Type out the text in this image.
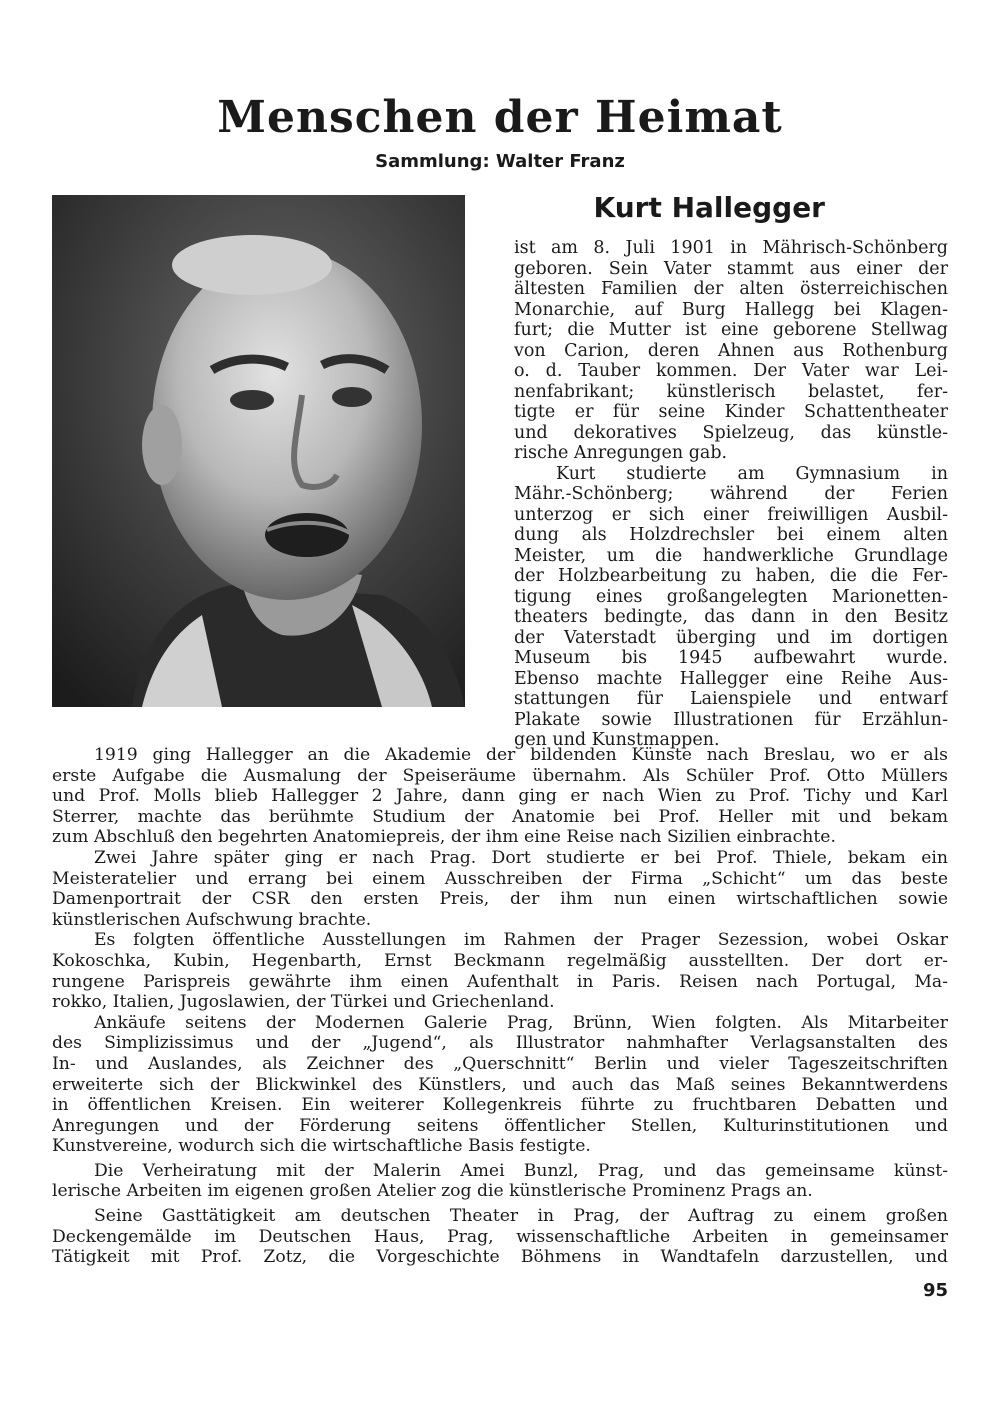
Menschen der Heimat
Sammlung: Walter Franz
Kurt Hallegger
ist am 8. Juli 1901 in Mährisch-Schönberg
geboren. Sein Vater stammt aus einer der
ältesten Familien der alten österreichischen
Monarchie, auf Burg Hallegg bei Klagen-
furt; die Mutter ist eine geborene Stellwag
von Carion, deren Ahnen aus Rothenburg
o. d. Tauber kommen. Der Vater war Lei-
nenfabrikant; künstlerisch belastet, fer-
tigte er für seine Kinder Schattentheater
und dekoratives Spielzeug, das künstle-
rische Anregungen gab.
Kurt studierte am Gymnasium in
Mähr.-Schönberg; während der Ferien
unterzog er sich einer freiwilligen Ausbil-
dung als Holzdrechsler bei einem alten
Meister, um die handwerkliche Grundlage
der Holzbearbeitung zu haben, die die Fer-
tigung eines großangelegten Marionetten-
theaters bedingte, das dann in den Besitz
der Vaterstadt überging und im dortigen
Museum bis 1945 aufbewahrt wurde.
Ebenso machte Hallegger eine Reihe Aus-
stattungen für Laienspiele und entwarf
Plakate sowie Illustrationen für Erzählun-
gen und Kunstmappen.
1919 ging Hallegger an die Akademie der bildenden Künste nach Breslau, wo er als
erste Aufgabe die Ausmalung der Speiseräume übernahm. Als Schüler Prof. Otto Müllers
und Prof. Molls blieb Hallegger 2 Jahre, dann ging er nach Wien zu Prof. Tichy und Karl
Sterrer, machte das berühmte Studium der Anatomie bei Prof. Heller mit und bekam
zum Abschluß den begehrten Anatomiepreis, der ihm eine Reise nach Sizilien einbrachte.
Zwei Jahre später ging er nach Prag. Dort studierte er bei Prof. Thiele, bekam ein
Meisteratelier und errang bei einem Ausschreiben der Firma „Schicht“ um das beste
Damenportrait der CSR den ersten Preis, der ihm nun einen wirtschaftlichen sowie
künstlerischen Aufschwung brachte.
Es folgten öffentliche Ausstellungen im Rahmen der Prager Sezession, wobei Oskar
Kokoschka, Kubin, Hegenbarth, Ernst Beckmann regelmäßig ausstellten. Der dort er-
rungene Parispreis gewährte ihm einen Aufenthalt in Paris. Reisen nach Portugal, Ma-
rokko, Italien, Jugoslawien, der Türkei und Griechenland.
Ankäufe seitens der Modernen Galerie Prag, Brünn, Wien folgten. Als Mitarbeiter
des Simplizissimus und der „Jugend“, als Illustrator nahmhafter Verlagsanstalten des
In- und Auslandes, als Zeichner des „Querschnitt“ Berlin und vieler Tageszeitschriften
erweiterte sich der Blickwinkel des Künstlers, und auch das Maß seines Bekanntwerdens
in öffentlichen Kreisen. Ein weiterer Kollegenkreis führte zu fruchtbaren Debatten und
Anregungen und der Förderung seitens öffentlicher Stellen, Kulturinstitutionen und
Kunstvereine, wodurch sich die wirtschaftliche Basis festigte.
Die Verheiratung mit der Malerin Amei Bunzl, Prag, und das gemeinsame künst-
lerische Arbeiten im eigenen großen Atelier zog die künstlerische Prominenz Prags an.
Seine Gasttätigkeit am deutschen Theater in Prag, der Auftrag zu einem großen
Deckengemälde im Deutschen Haus, Prag, wissenschaftliche Arbeiten in gemeinsamer
Tätigkeit mit Prof. Zotz, die Vorgeschichte Böhmens in Wandtafeln darzustellen, und
95
